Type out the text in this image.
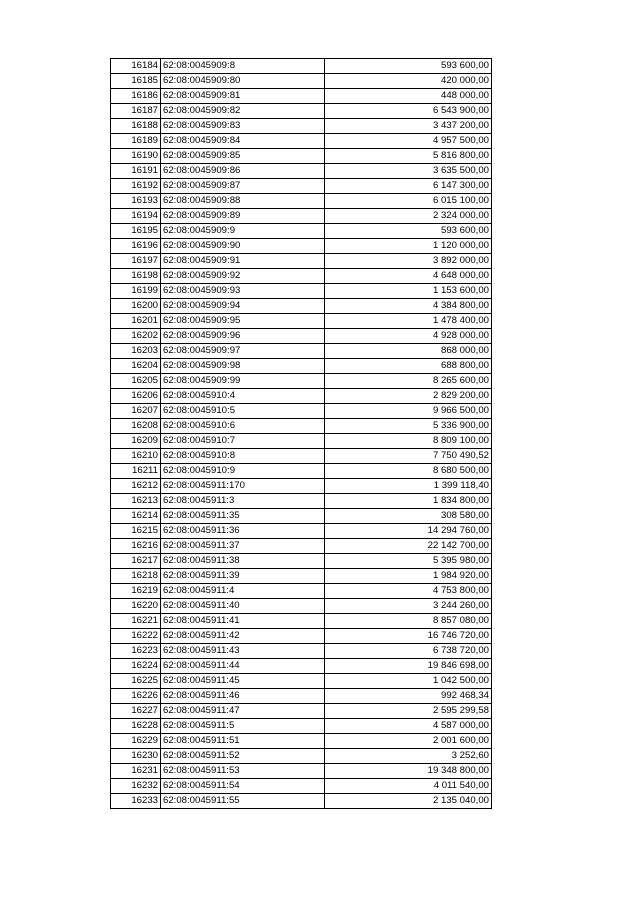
16184	62:08:0045909:8	593 600,00
16185	62:08:0045909:80	420 000,00
16186	62:08:0045909:81	448 000,00
16187	62:08:0045909:82	6 543 900,00
16188	62:08:0045909:83	3 437 200,00
16189	62:08:0045909:84	4 957 500,00
16190	62:08:0045909:85	5 816 800,00
16191	62:08:0045909:86	3 635 500,00
16192	62:08:0045909:87	6 147 300,00
16193	62:08:0045909:88	6 015 100,00
16194	62:08:0045909:89	2 324 000,00
16195	62:08:0045909:9	593 600,00
16196	62:08:0045909:90	1 120 000,00
16197	62:08:0045909:91	3 892 000,00
16198	62:08:0045909:92	4 648 000,00
16199	62:08:0045909:93	1 153 600,00
16200	62:08:0045909:94	4 384 800,00
16201	62:08:0045909:95	1 478 400,00
16202	62:08:0045909:96	4 928 000,00
16203	62:08:0045909:97	868 000,00
16204	62:08:0045909:98	688 800,00
16205	62:08:0045909:99	8 265 600,00
16206	62:08:0045910:4	2 829 200,00
16207	62:08:0045910:5	9 966 500,00
16208	62:08:0045910:6	5 336 900,00
16209	62:08:0045910:7	8 809 100,00
16210	62:08:0045910:8	7 750 490,52
16211	62:08:0045910:9	8 680 500,00
16212	62:08:0045911:170	1 399 118,40
16213	62:08:0045911:3	1 834 800,00
16214	62:08:0045911:35	308 580,00
16215	62:08:0045911:36	14 294 760,00
16216	62:08:0045911:37	22 142 700,00
16217	62:08:0045911:38	5 395 980,00
16218	62:08:0045911:39	1 984 920,00
16219	62:08:0045911:4	4 753 800,00
16220	62:08:0045911:40	3 244 260,00
16221	62:08:0045911:41	8 857 080,00
16222	62:08:0045911:42	16 746 720,00
16223	62:08:0045911:43	6 738 720,00
16224	62:08:0045911:44	19 846 698,00
16225	62:08:0045911:45	1 042 500,00
16226	62:08:0045911:46	992 468,34
16227	62:08:0045911:47	2 595 299,58
16228	62:08:0045911:5	4 587 000,00
16229	62:08:0045911:51	2 001 600,00
16230	62:08:0045911:52	3 252,60
16231	62:08:0045911:53	19 348 800,00
16232	62:08:0045911:54	4 011 540,00
16233	62:08:0045911:55	2 135 040,00
